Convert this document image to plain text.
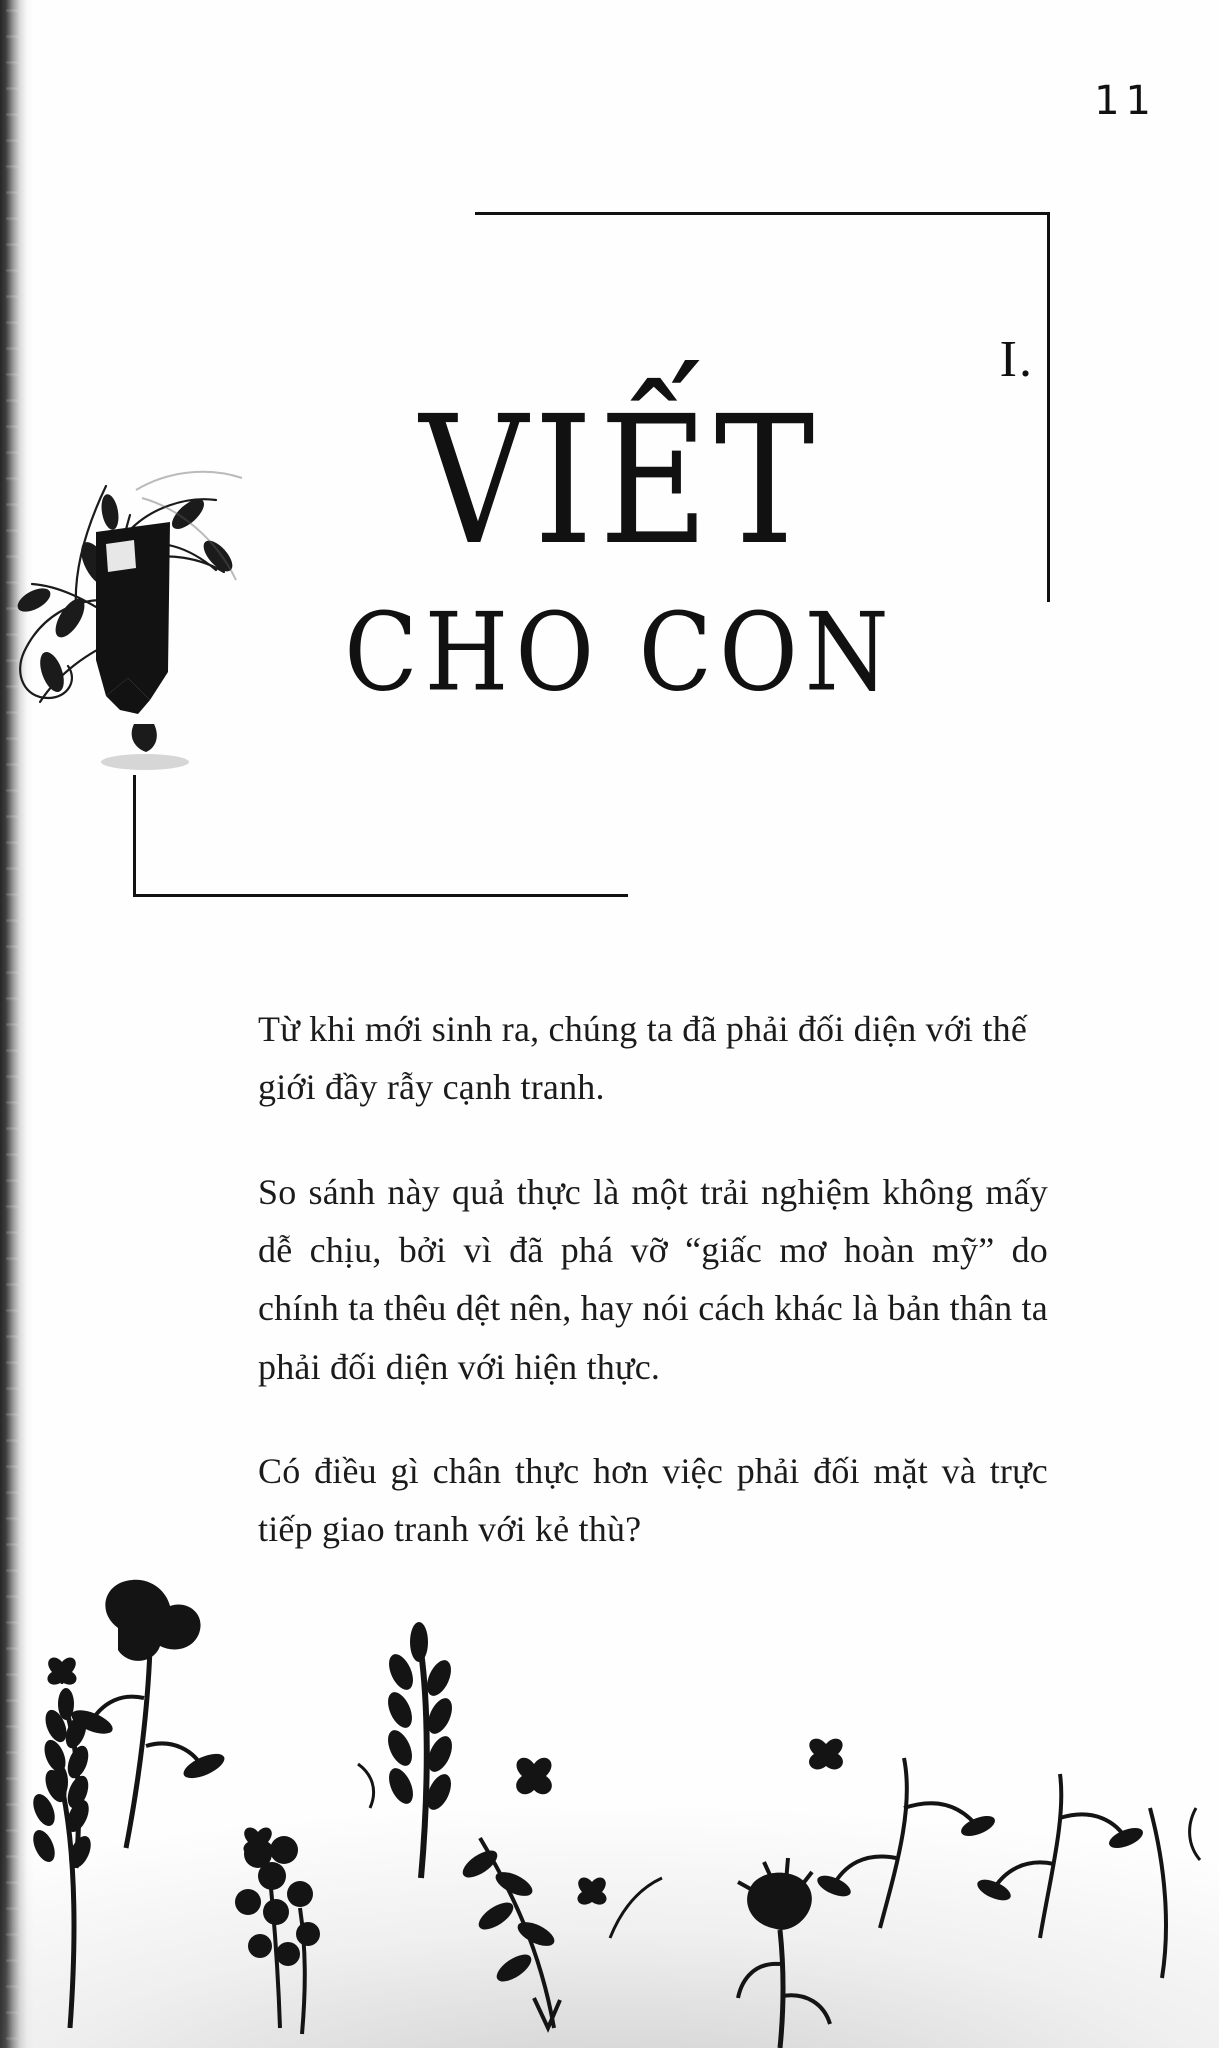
11
I.
VIẾT
CHO CON

Từ khi mới sinh ra, chúng ta đã phải đối diện với thế giới đầy rẫy cạnh tranh.

So sánh này quả thực là một trải nghiệm không mấy dễ chịu, bởi vì đã phá vỡ “giấc mơ hoàn mỹ” do chính ta thêu dệt nên, hay nói cách khác là bản thân ta phải đối diện với hiện thực.

Có điều gì chân thực hơn việc phải đối mặt và trực tiếp giao tranh với kẻ thù?
